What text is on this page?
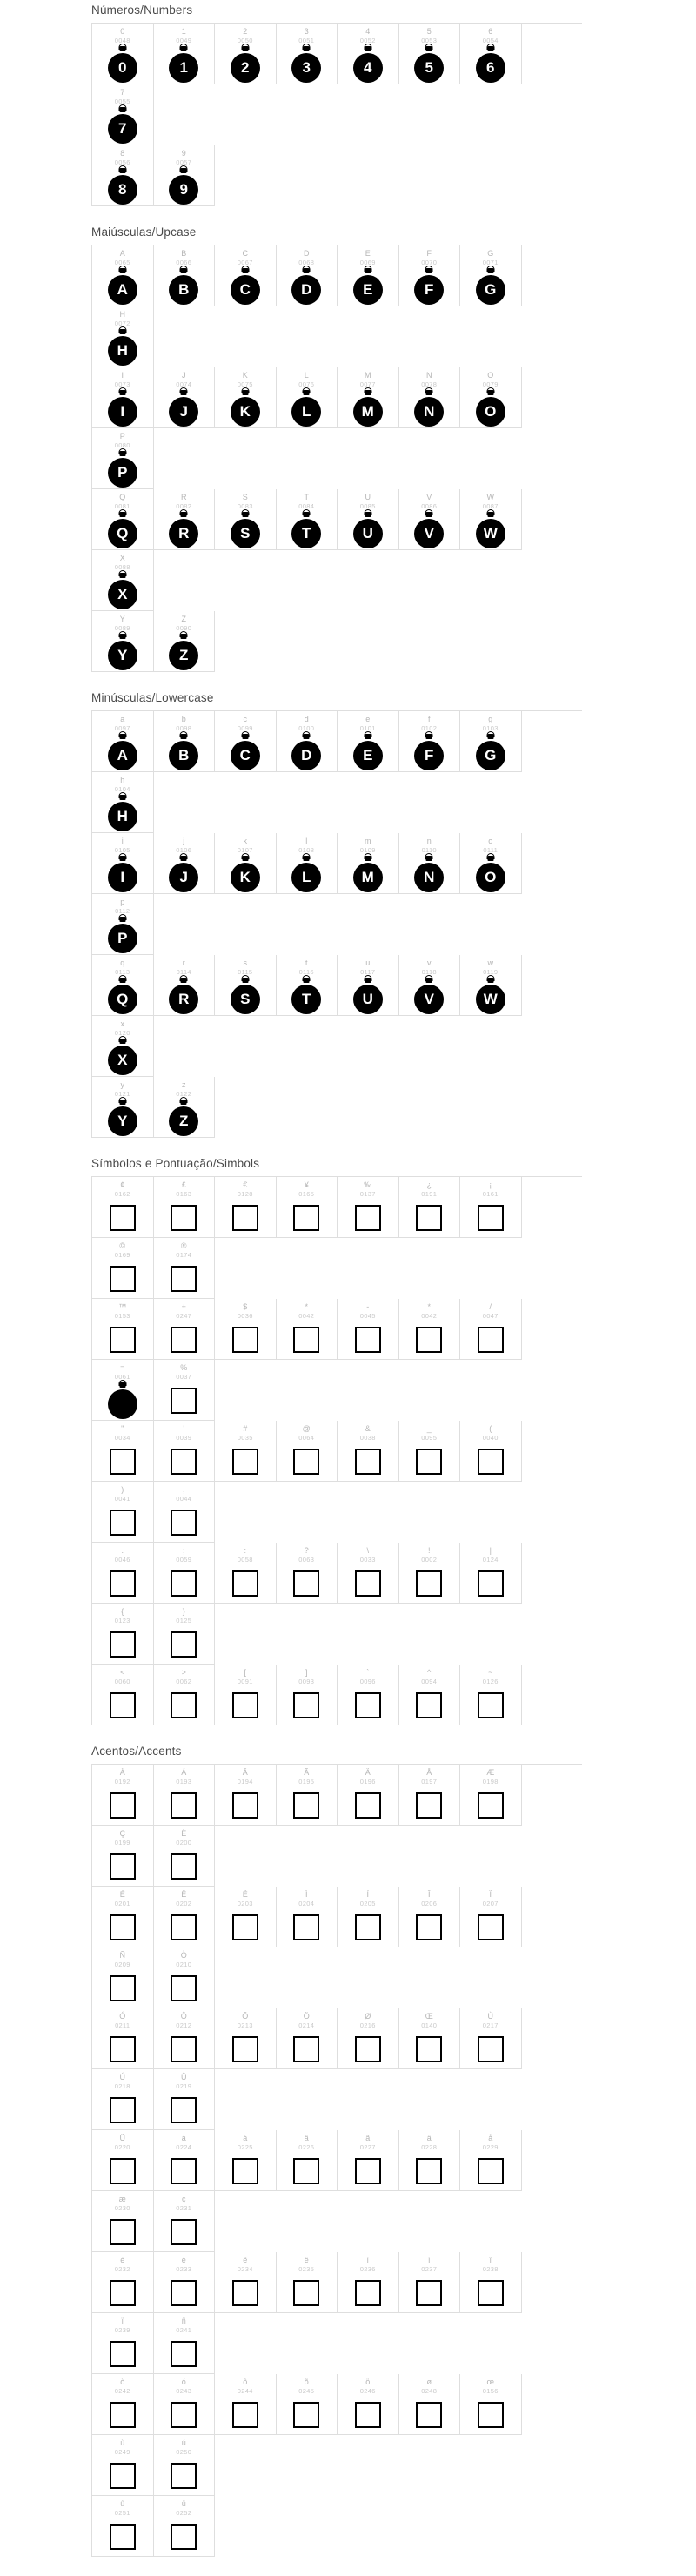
Números/Numbers
0
0048
0
1
0049
1
2
0050
2
3
0051
3
4
0052
4
5
0053
5
6
0054
6
7
0055
7
8
0056
8
9
0057
9
Maiúsculas/Upcase
A
0065
A
B
0066
B
C
0067
C
D
0068
D
E
0069
E
F
0070
F
G
0071
G
H
0072
H
I
0073
I
J
0074
J
K
0075
K
L
0076
L
M
0077
M
N
0078
N
O
0079
O
P
0080
P
Q
0081
Q
R
0082
R
S
0083
S
T
0084
T
U
0085
U
V
0086
V
W
0087
W
X
0088
X
Y
0089
Y
Z
0090
Z
Minúsculas/Lowercase
a
0097
A
b
0098
B
c
0099
C
d
0100
D
e
0101
E
f
0102
F
g
0103
G
h
0104
H
i
0105
I
j
0106
J
k
0107
K
l
0108
L
m
0109
M
n
0110
N
o
0111
O
p
0112
P
q
0113
Q
r
0114
R
s
0115
S
t
0116
T
u
0117
U
v
0118
V
w
0119
W
x
0120
X
y
0121
Y
z
0122
Z
Símbolos e Pontuação/Simbols
¢
0162
£
0163
€
0128
¥
0165
‰
0137
¿
0191
¡
0161
©
0169
®
0174
™
0153
+
0247
$
0036
*
0042
-
0045
*
0042
/
0047
=
0061
%
0037
"
0034
'
0039
#
0035
@
0064
&
0038
_
0095
(
0040
)
0041
,
0044
.
0046
;
0059
:
0058
?
0063
\
0033
!
0002
|
0124
{
0123
}
0125
<
0060
>
0062
[
0091
]
0093
`
0096
^
0094
~
0126
Acentos/Accents
À
0192
Á
0193
Â
0194
Ã
0195
Ä
0196
Å
0197
Æ
0198
Ç
0199
È
0200
É
0201
Ê
0202
Ë
0203
Ì
0204
Í
0205
Î
0206
Ï
0207
Ñ
0209
Ò
0210
Ó
0211
Ô
0212
Õ
0213
Ö
0214
Ø
0216
Œ
0140
Ù
0217
Ú
0218
Û
0219
Ü
0220
à
0224
á
0225
â
0226
ã
0227
ä
0228
å
0229
æ
0230
ç
0231
è
0232
é
0233
ê
0234
ë
0235
ì
0236
í
0237
î
0238
ï
0239
ñ
0241
ò
0242
ó
0243
ô
0244
õ
0245
ö
0246
ø
0248
œ
0156
ù
0249
ú
0250
û
0251
ü
0252
